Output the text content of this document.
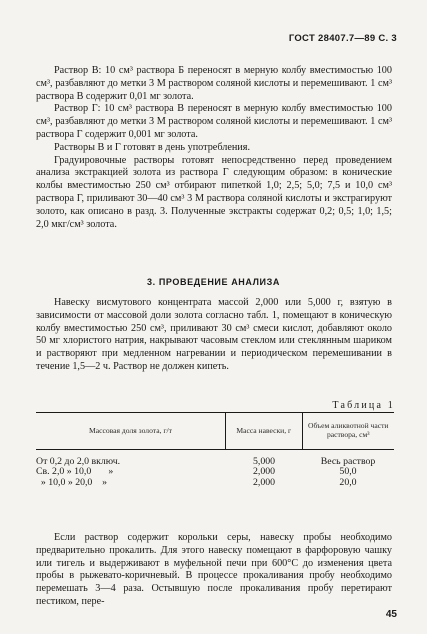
ГОСТ 28407.7—89 С. 3

Раствор В: 10 см³ раствора Б переносят в мерную колбу вместимостью 100 см³, разбавляют до метки 3 М раствором соляной кислоты и перемешивают. 1 см³ раствора В содержит 0,01 мг золота.

Раствор Г: 10 см³ раствора В переносят в мерную колбу вместимостью 100 см³, разбавляют до метки 3 М раствором соляной кислоты и перемешивают. 1 см³ раствора Г содержит 0,001 мг золота.

Растворы В и Г готовят в день употребления.

Градуировочные растворы готовят непосредственно перед проведением анализа экстракцией золота из раствора Г следующим образом: в конические колбы вместимостью 250 см³ отбирают пипеткой 1,0; 2,5; 5,0; 7,5 и 10,0 см³ раствора Г, приливают 30—40 см³ 3 М раствора соляной кислоты и экстрагируют золото, как описано в разд. 3. Полученные экстракты содержат 0,2; 0,5; 1,0; 1,5; 2,0 мкг/см³ золота.

3. ПРОВЕДЕНИЕ АНАЛИЗА

Навеску висмутового концентрата массой 2,000 или 5,000 г, взятую в зависимости от массовой доли золота согласно табл. 1, помещают в коническую колбу вместимостью 250 см³, приливают 30 см³ смеси кислот, добавляют около 50 мг хлористого натрия, накрывают часовым стеклом или стеклянным шариком и растворяют при медленном нагревании и периодическом перемешивании в течение 1,5—2 ч. Раствор не должен кипеть.

Таблица 1
Массовая доля золота, г/т	Масса навески, г	Объем аликвотной части раствора, см³
От 0,2 до 2,0 включ.
Св. 2,0 » 10,0       »
» 10,0 » 20,0    »
5,000
2,000
2,000
Весь раствор
50,0
20,0

Если раствор содержит корольки серы, навеску пробы необходимо предварительно прокалить. Для этого навеску помещают в фарфоровую чашку или тигель и выдерживают в муфельной печи при 600°С до изменения цвета пробы в рыжевато-коричневый. В процессе прокаливания пробу необходимо перемешать 3—4 раза. Остывшую после прокаливания пробу перетирают пестиком, пере-

45
